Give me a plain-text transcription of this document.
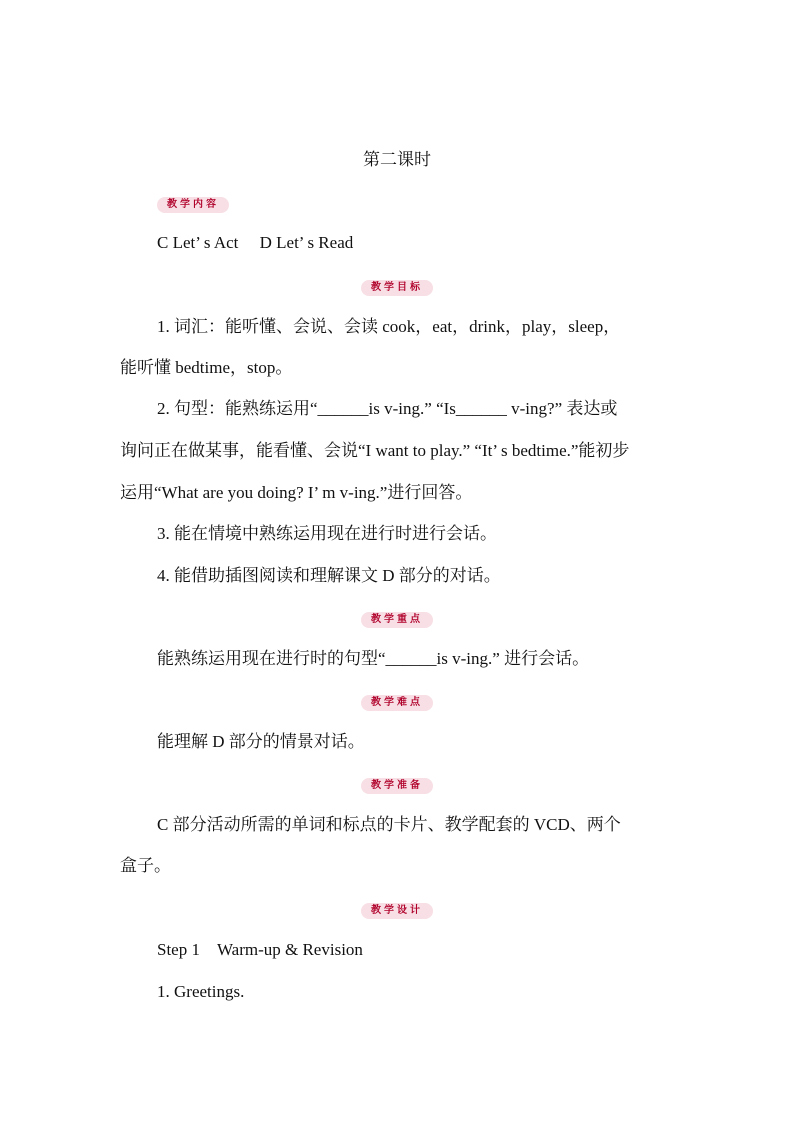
第二课时
教学内容
C Let’ s Act　 D Let’ s Read
教学目标
1. 词汇：能听懂、会说、会读 cook，eat，drink，play，sleep，
能听懂 bedtime，stop。
2. 句型：能熟练运用“______is v-ing.” “Is______ v-ing?” 表达或
询问正在做某事，能看懂、会说“I want to play.” “It’ s bedtime.”能初步
运用“What are you doing? I’ m v-ing.”进行回答。
3. 能在情境中熟练运用现在进行时进行会话。
4. 能借助插图阅读和理解课文 D 部分的对话。
教学重点
能熟练运用现在进行时的句型“______is v-ing.” 进行会话。
教学难点
能理解 D 部分的情景对话。
教学准备
C 部分活动所需的单词和标点的卡片、教学配套的 VCD、两个
盒子。
教学设计
Step 1　Warm-up & Revision
1. Greetings.
